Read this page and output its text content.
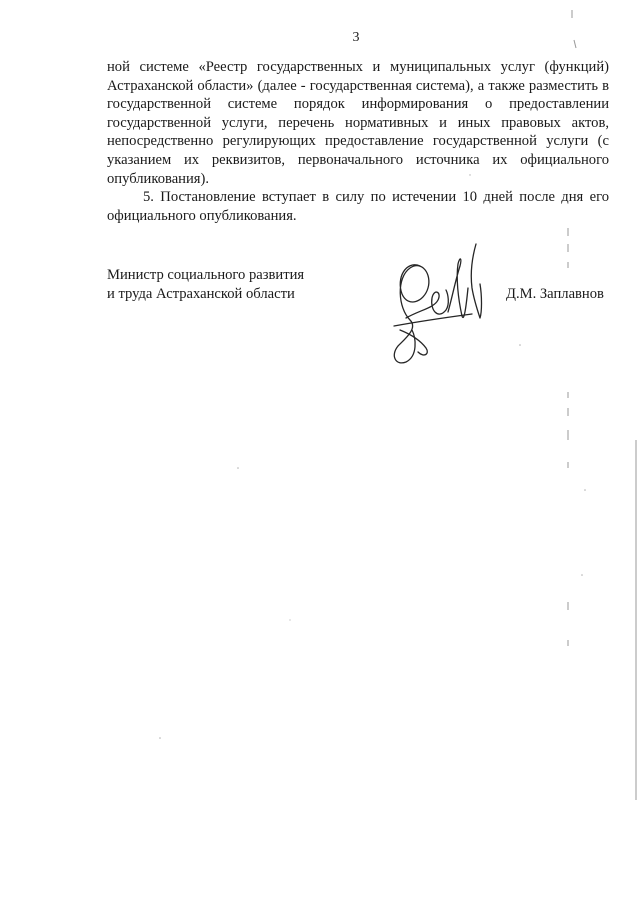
3

ной системе «Реестр государственных и муниципальных услуг (функций) Астраханской области» (далее - государственная система), а также разместить в государственной системе порядок информирования о предоставлении государственной услуги, перечень нормативных и иных правовых актов, непосредственно регулирующих предоставление государственной услуги (с указанием их реквизитов, первоначального источника их официального опубликования).

5. Постановление вступает в силу по истечении 10 дней после дня его официального опубликования.

Министр социального развития
и труда Астраханской области	Д.М. Заплавнов
